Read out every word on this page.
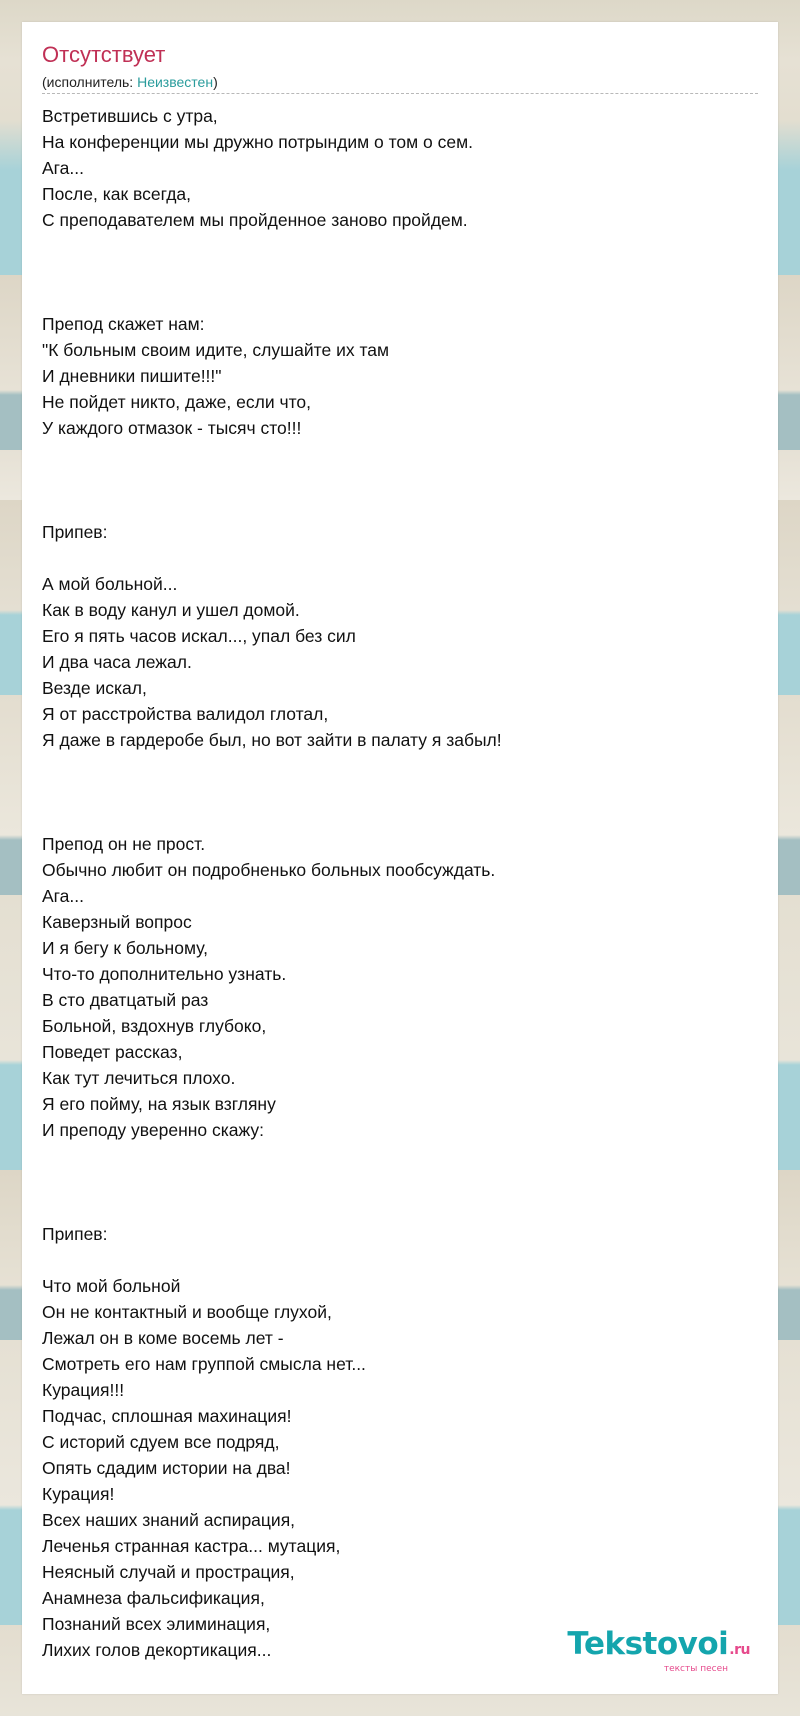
Отсутствует
(исполнитель: Неизвестен)
Встретившись с утра,
На конференции мы дружно потрындим о том о сем.
Ага...
После, как всегда,
С преподавателем мы пройденное заново пройдем.

Препод скажет нам:
"К больным своим идите, слушайте их там
И дневники пишите!!!"
Не пойдет никто, даже, если что,
У каждого отмазок - тысяч сто!!!

Припев:

А мой больной...
Как в воду канул и ушел домой.
Его я пять часов искал..., упал без сил
И два часа лежал.
Везде искал,
Я от расстройства валидол глотал,
Я даже в гардеробе был, но вот зайти в палату я забыл!

Препод он не прост.
Обычно любит он подробненько больных пообсуждать.
Ага...
Каверзный вопрос
И я бегу к больному,
Что-то дополнительно узнать.
В сто дватцатый раз
Больной, вздохнув глубоко,
Поведет рассказ,
Как тут лечиться плохо.
Я его пойму, на язык взгляну
И преподу уверенно скажу:

Припев:

Что мой больной
Он не контактный и вообще глухой,
Лежал он в коме восемь лет -
Смотреть его нам группой смысла нет...
Курация!!!
Подчас, сплошная махинация!
С историй сдуем все подряд,
Опять сдадим истории на два!
Курация!
Всех наших знаний аспирация,
Леченья странная кастра... мутация,
Неясный случай и прострация,
Анамнеза фальсификация,
Познаний всех элиминация,
Лихих голов декортикация...	Tekstovoi.ru
тексты песен
